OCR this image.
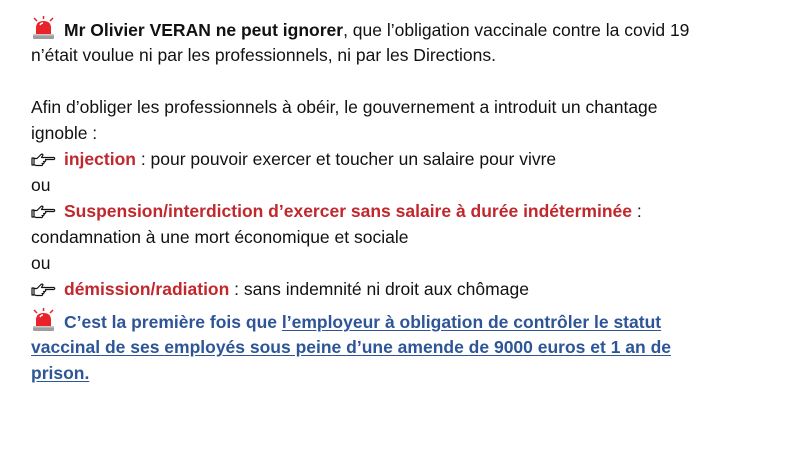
Mr Olivier VERAN ne peut ignorer, que l’obligation vaccinale contre la covid 19
n’était voulue ni par les professionnels, ni par les Directions.
Afin d’obliger les professionnels à obéir, le gouvernement a introduit un chantage
ignoble :
injection : pour pouvoir exercer et toucher un salaire pour vivre
ou
Suspension/interdiction d’exercer sans salaire à durée indéterminée :
condamnation à une mort économique et sociale
ou
démission/radiation : sans indemnité ni droit aux chômage
C’est la première fois que l’employeur à obligation de contrôler le statut
vaccinal de ses employés sous peine d’une amende de 9000 euros et 1 an de
prison.
